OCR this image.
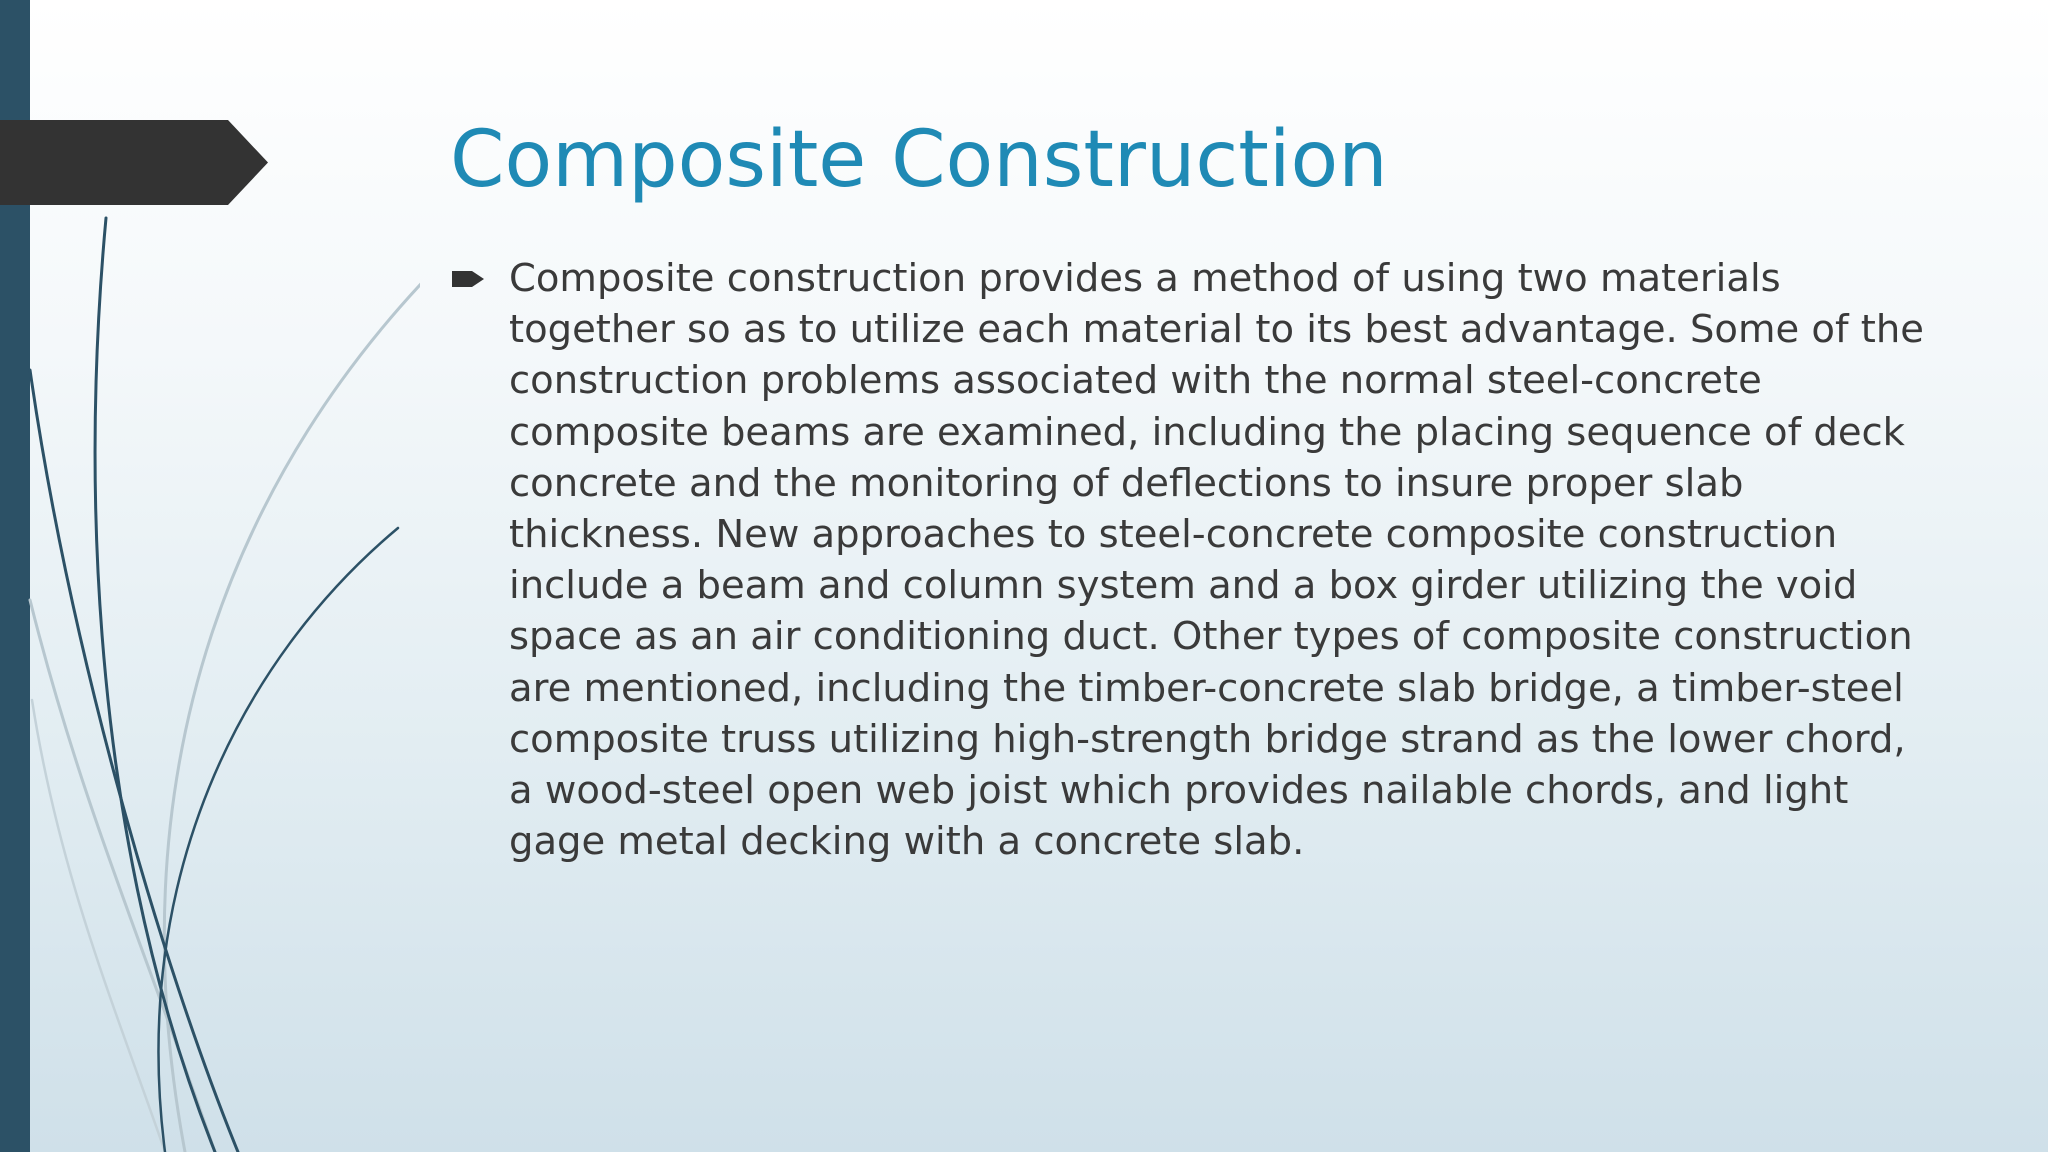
Composite Construction

Composite construction provides a method of using two materials together so as to utilize each material to its best advantage. Some of the construction problems associated with the normal steel-concrete composite beams are examined, including the placing sequence of deck concrete and the monitoring of deflections to insure proper slab thickness. New approaches to steel-concrete composite construction include a beam and column system and a box girder utilizing the void space as an air conditioning duct. Other types of composite construction are mentioned, including the timber-concrete slab bridge, a timber-steel composite truss utilizing high-strength bridge strand as the lower chord, a wood-steel open web joist which provides nailable chords, and light gage metal decking with a concrete slab.
